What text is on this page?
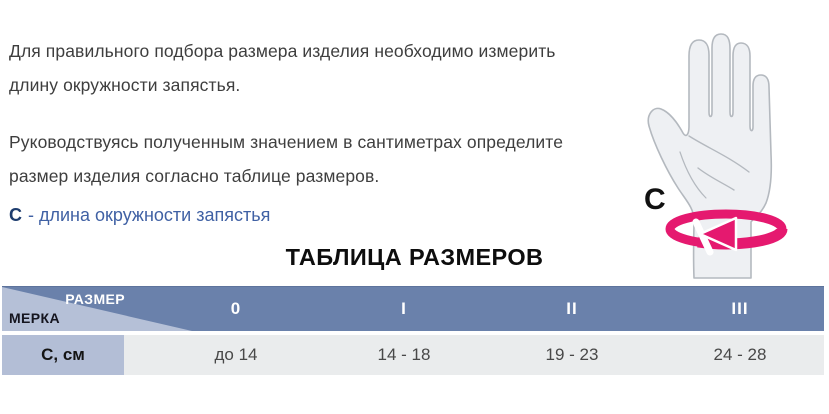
Для правильного подбора размера изделия необходимо измерить
длину окружности запястья.
Руководствуясь полученным значением в сантиметрах определите
размер изделия согласно таблице размеров.
С - длина окружности запястья	C
ТАБЛИЦА РАЗМЕРОВ
РАЗМЕР
МЕРКА	0	I	II	III
С, см	до 14	14 - 18	19 - 23	24 - 28
